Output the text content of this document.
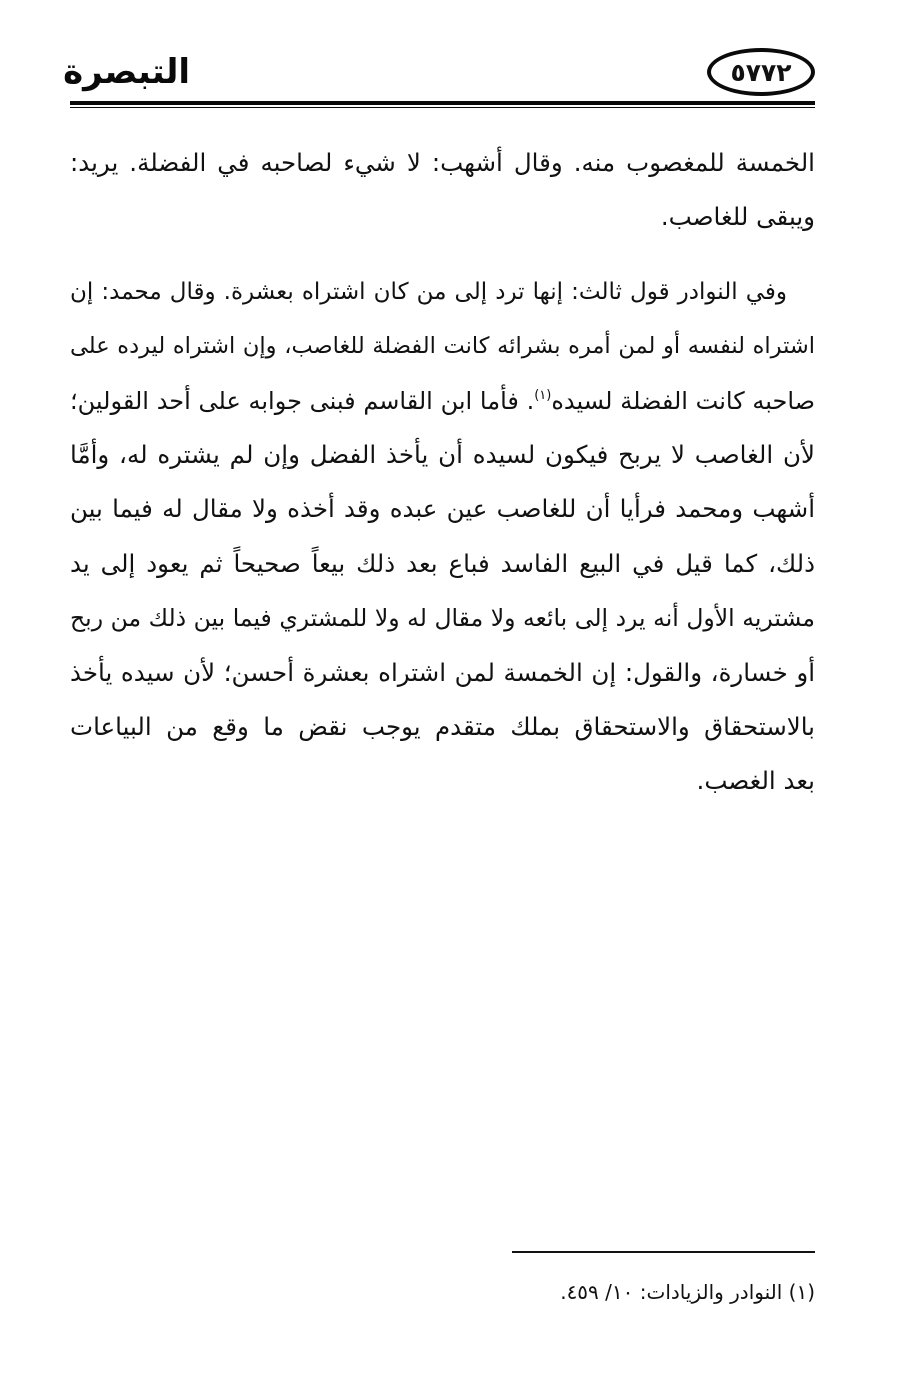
التبصرة	٥٧٧٢
الخمسة للمغصوب منه. وقال أشهب: لا شيء لصاحبه في الفضلة. يريد:
ويبقى للغاصب.
وفي النوادر قول ثالث: إنها ترد إلى من كان اشتراه بعشرة. وقال محمد: إن
اشتراه لنفسه أو لمن أمره بشرائه كانت الفضلة للغاصب، وإن اشتراه ليرده على
صاحبه كانت الفضلة لسيده$^{(١)}$. فأما ابن القاسم فبنى جوابه على أحد القولين؛
لأن الغاصب لا يربح فيكون لسيده أن يأخذ الفضل وإن لم يشتره له، وأمَّا
أشهب ومحمد فرأيا أن للغاصب عين عبده وقد أخذه ولا مقال له فيما بين
ذلك، كما قيل في البيع الفاسد فباع بعد ذلك بيعاً صحيحاً ثم يعود إلى يد
مشتريه الأول أنه يرد إلى بائعه ولا مقال له ولا للمشتري فيما بين ذلك من ربح
أو خسارة، والقول: إن الخمسة لمن اشتراه بعشرة أحسن؛ لأن سيده يأخذ
بالاستحقاق والاستحقاق بملك متقدم يوجب نقض ما وقع من البياعات
بعد الغصب.
(١) النوادر والزيادات: ١٠/ ٤٥٩.
